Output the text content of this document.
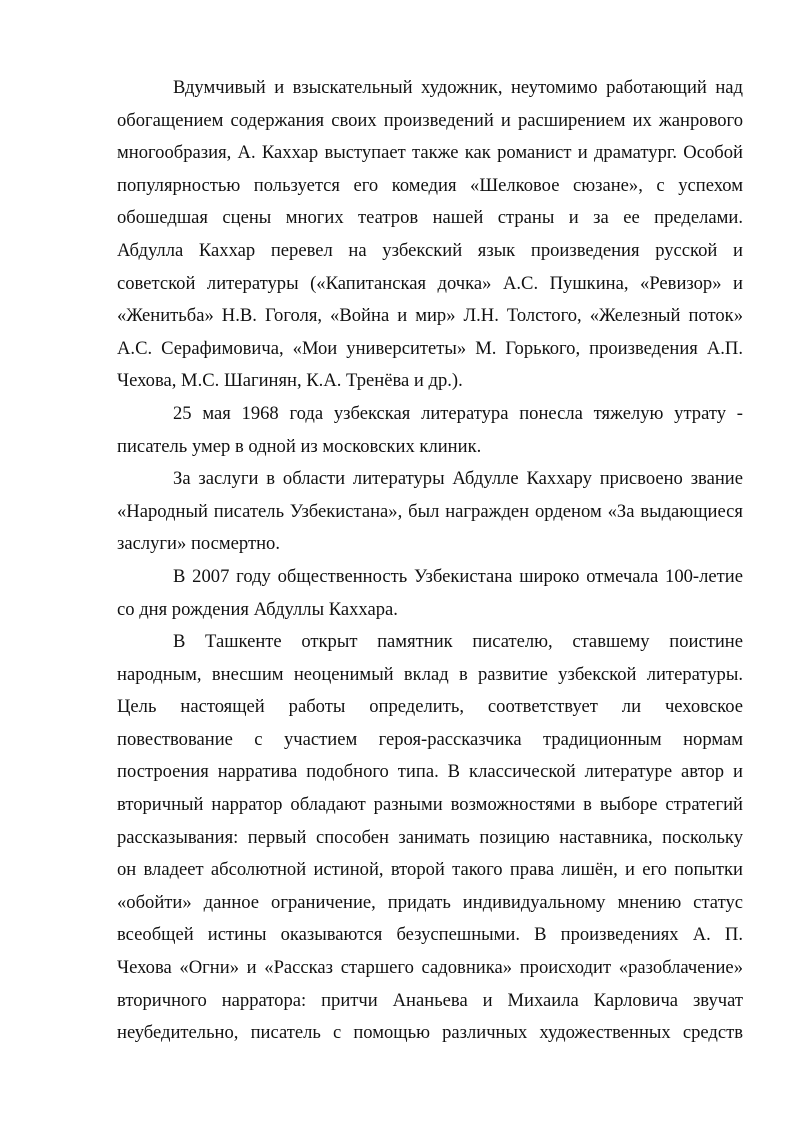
Вдумчивый и взыскательный художник, неутомимо работающий над
обогащением содержания своих произведений и расширением их жанрового
многообразия, А. Каххар выступает также как романист и драматург. Особой
популярностью пользуется его комедия «Шелковое сюзане», с успехом
обошедшая сцены многих театров нашей страны и за ее пределами.
Абдулла Каххар перевел на узбекский язык произведения русской и
советской литературы («Капитанская дочка» А.С. Пушкина, «Ревизор» и
«Женитьба» Н.В. Гоголя, «Война и мир» Л.Н. Толстого, «Железный поток»
А.С. Серафимовича, «Мои университеты» М. Горького, произведения А.П.
Чехова, М.С. Шагинян, К.А. Тренёва и др.).

25 мая 1968 года узбекская литература понесла тяжелую утрату -
писатель умер в одной из московских клиник.

За заслуги в области литературы Абдулле Каххару присвоено звание
«Народный писатель Узбекистана», был награжден орденом «За выдающиеся
заслуги» посмертно.

В 2007 году общественность Узбекистана широко отмечала 100-летие
со дня рождения Абдуллы Каххара.

В Ташкенте открыт памятник писателю, ставшему поистине
народным, внесшим неоценимый вклад в развитие узбекской литературы.
Цель настоящей работы определить, соответствует ли чеховское
повествование с участием героя-рассказчика традиционным нормам
построения нарратива подобного типа. В классической литературе автор и
вторичный нарратор обладают разными возможностями в выборе стратегий
рассказывания: первый способен занимать позицию наставника, поскольку
он владеет абсолютной истиной, второй такого права лишён, и его попытки
«обойти» данное ограничение, придать индивидуальному мнению статус
всеобщей истины оказываются безуспешными. В произведениях А. П.
Чехова «Огни» и «Рассказ старшего садовника» происходит «разоблачение»
вторичного нарратора: притчи Ананьева и Михаила Карловича звучат
неубедительно, писатель с помощью различных художественных средств
